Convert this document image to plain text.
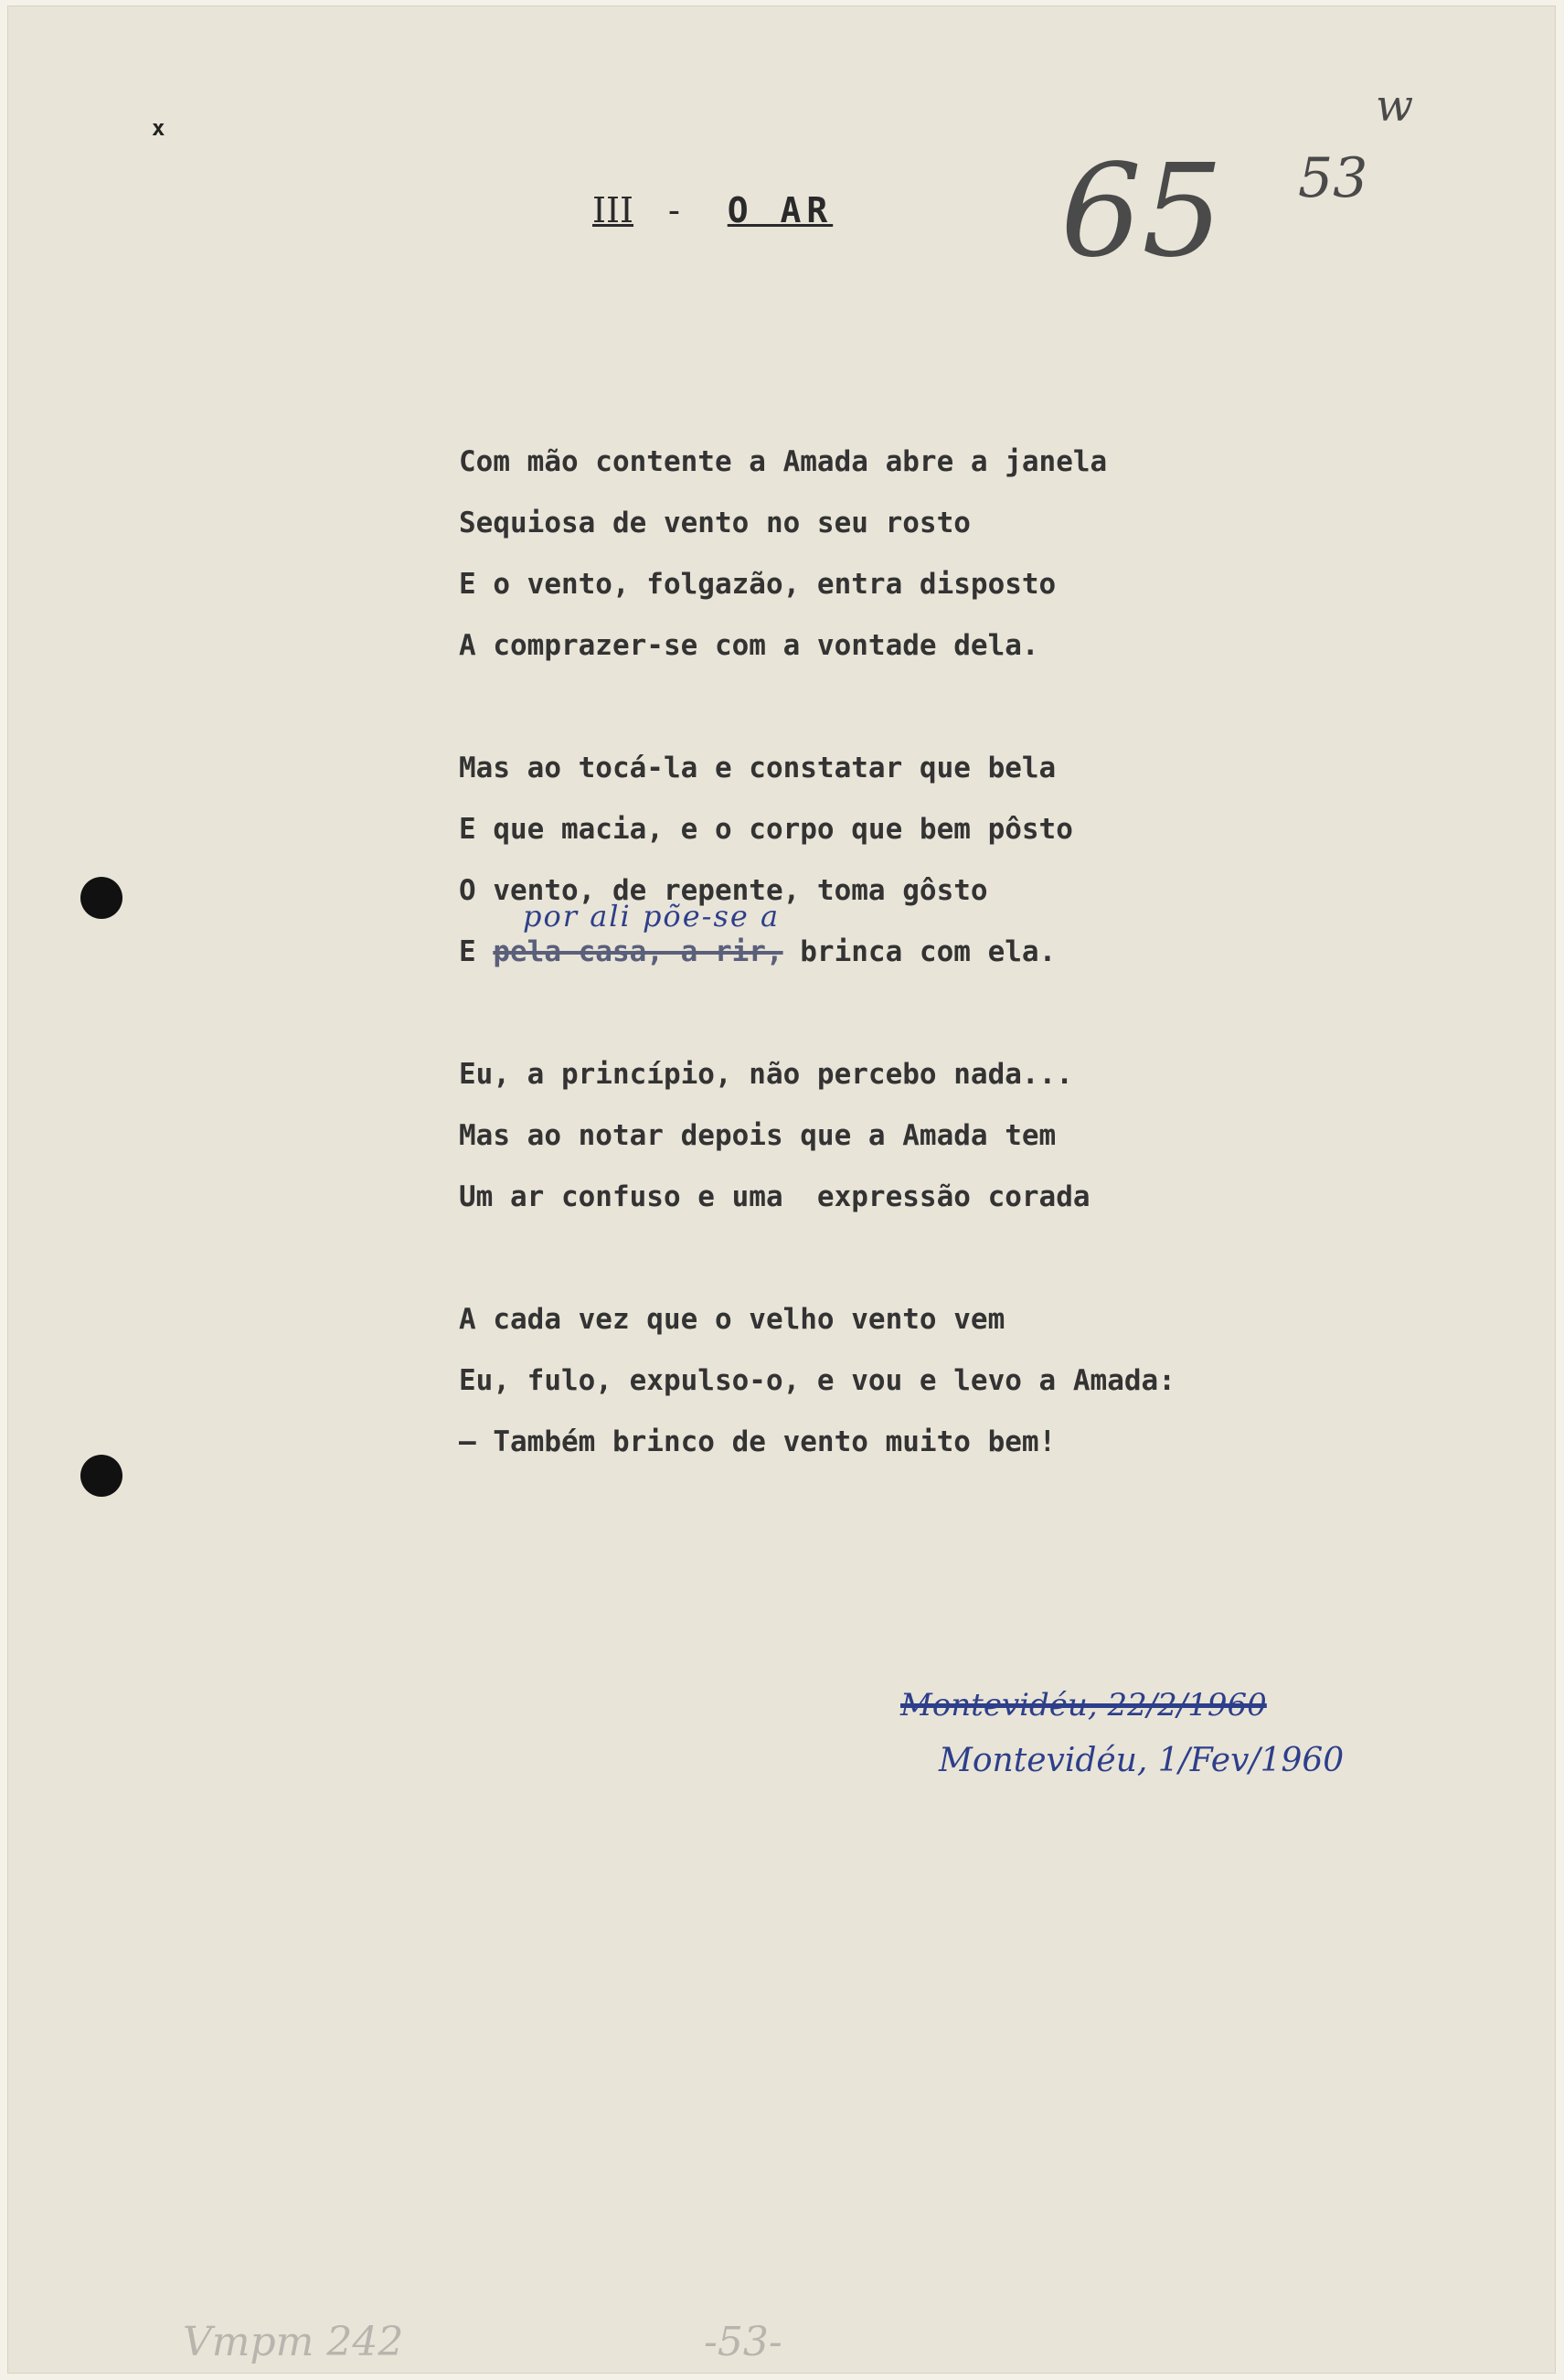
x
III - O AR 65 53
w
Com mão contente a Amada abre a janela
Sequiosa de vento no seu rosto
E o vento, folgazão, entra disposto
A comprazer-se com a vontade dela.
Mas ao tocá-la e constatar que bela
E que macia, e o corpo que bem pôsto
O vento, de repente, toma gôsto
E pela casa, a rir, brinca com ela.
Eu, a princípio, não percebo nada...
Mas ao notar depois que a Amada tem
Um ar confuso e uma  expressão corada
A cada vez que o velho vento vem
Eu, fulo, expulso-o, e vou e levo a Amada:
— Também brinco de vento muito bem!
por ali põe-se a
Montevidéu, 22/2/1960
Montevidéu, 1/Fev/1960
Vmpm 242	-53-
